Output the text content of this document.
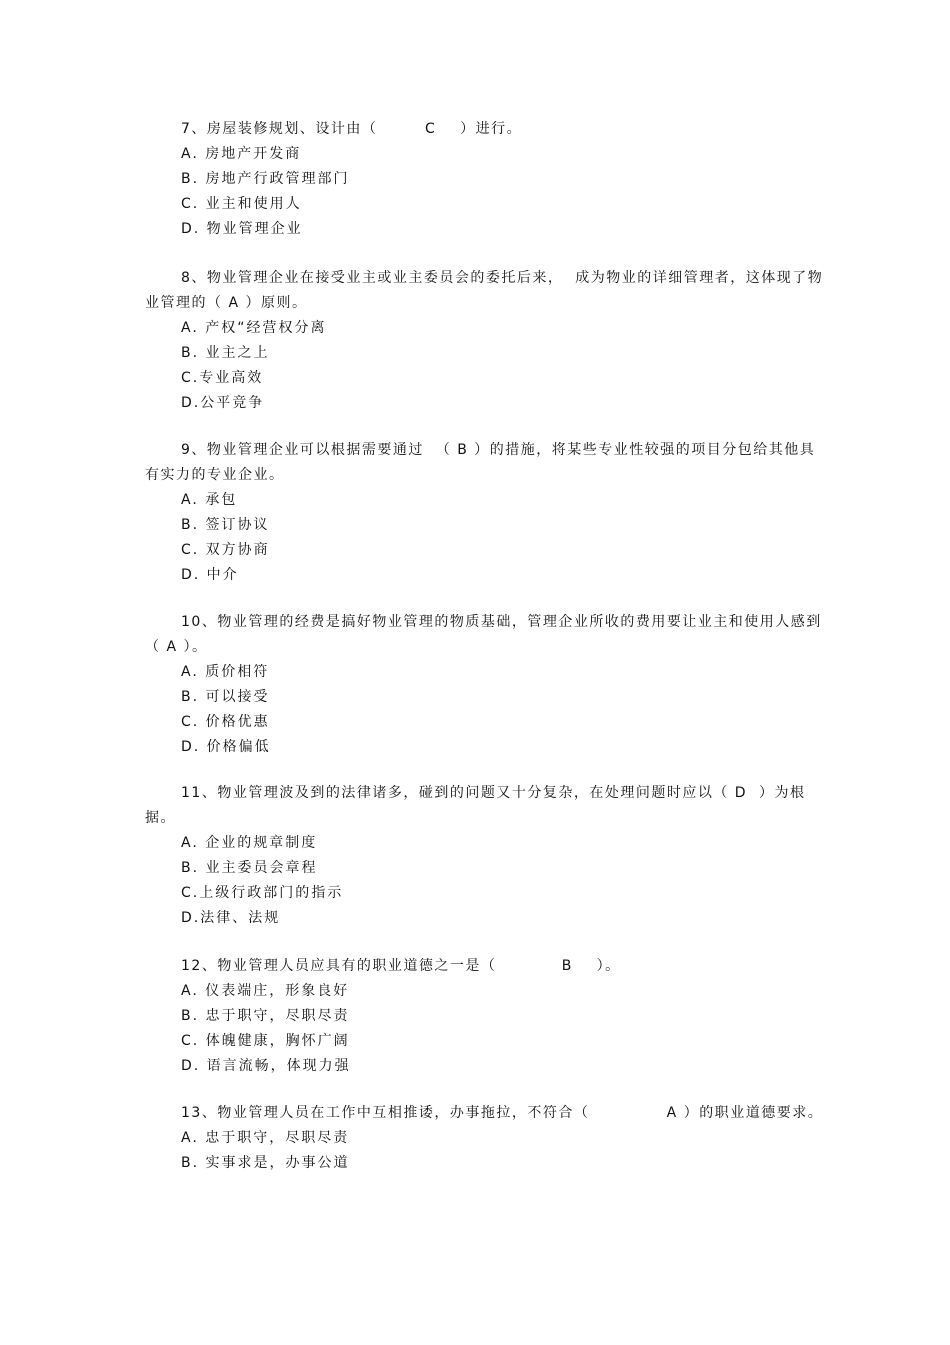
7、房屋装修规划、设计由（        C    ）进行。

A. 房地产开发商
B. 房地产行政管理部门
C. 业主和使用人
D. 物业管理企业

8、物业管理企业在接受业主或业主委员会的委托后来，  成为物业的详细管理者，这体现了物业管理的（ A ）原则。

A. 产权“经营权分离
B. 业主之上
C.专业高效
D.公平竞争

9、物业管理企业可以根据需要通过  （ B ）的措施，将某些专业性较强的项目分包给其他具有实力的专业企业。

A. 承包
B. 签订协议
C. 双方协商
D. 中介

10、物业管理的经费是搞好物业管理的物质基础，管理企业所收的费用要让业主和使用人感到（ A ）。

A. 质价相符
B. 可以接受
C. 价格优惠
D. 价格偏低

11、物业管理波及到的法律诸多，碰到的问题又十分复杂，在处理问题时应以（ D  ）为根据。

A. 企业的规章制度
B. 业主委员会章程
C.上级行政部门的指示
D.法律、法规

12、物业管理人员应具有的职业道德之一是（           B    ）。

A. 仪表端庄，形象良好
B. 忠于职守，尽职尽责
C. 体魄健康，胸怀广阔
D. 语言流畅，体现力强

13、物业管理人员在工作中互相推诿，办事拖拉，不符合（             A ）的职业道德要求。

A. 忠于职守，尽职尽责
B. 实事求是，办事公道
